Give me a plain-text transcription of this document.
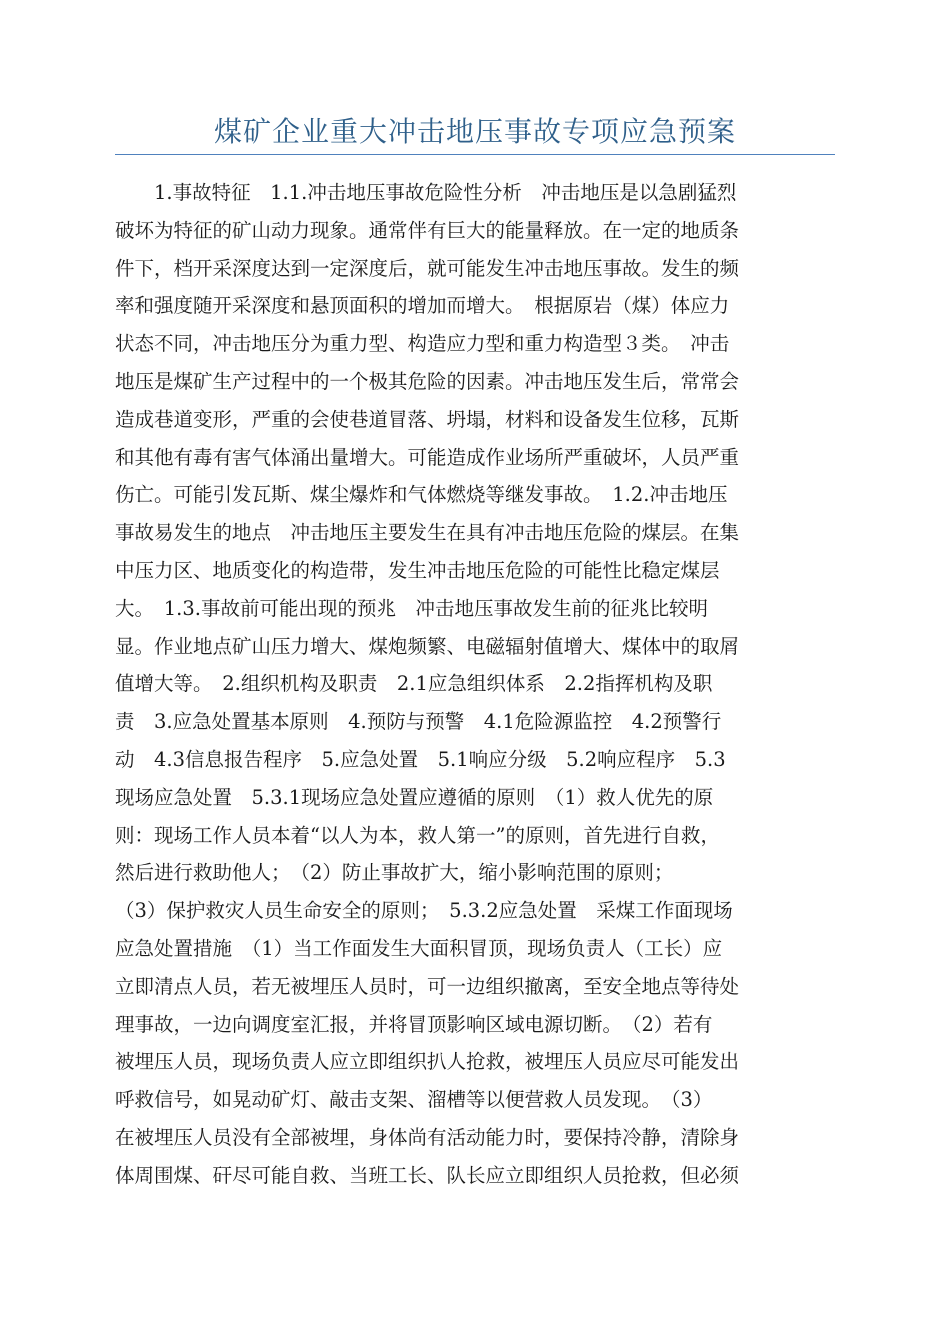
煤矿企业重大冲击地压事故专项应急预案
　　1.事故特征　1.1.冲击地压事故危险性分析　冲击地压是以急剧猛烈
破坏为特征的矿山动力现象。通常伴有巨大的能量释放。在一定的地质条
件下，档开采深度达到一定深度后，就可能发生冲击地压事故。发生的频
率和强度随开采深度和悬顶面积的增加而增大。　根据原岩（煤）体应力
状态不同，冲击地压分为重力型、构造应力型和重力构造型３类。　冲击
地压是煤矿生产过程中的一个极其危险的因素。冲击地压发生后，常常会
造成巷道变形，严重的会使巷道冒落、坍塌，材料和设备发生位移，瓦斯
和其他有毒有害气体涌出量增大。可能造成作业场所严重破坏，人员严重
伤亡。可能引发瓦斯、煤尘爆炸和气体燃烧等继发事故。　1.2.冲击地压
事故易发生的地点　冲击地压主要发生在具有冲击地压危险的煤层。在集
中压力区、地质变化的构造带，发生冲击地压危险的可能性比稳定煤层
大。　1.3.事故前可能出现的预兆　冲击地压事故发生前的征兆比较明
显。作业地点矿山压力增大、煤炮频繁、电磁辐射值增大、煤体中的取屑
值增大等。　2.组织机构及职责　2.1应急组织体系　2.2指挥机构及职
责　3.应急处置基本原则　4.预防与预警　4.1危险源监控　4.2预警行
动　4.3信息报告程序　5.应急处置　5.1响应分级　5.2响应程序　5.3
现场应急处置　5.3.1现场应急处置应遵循的原则　（1）救人优先的原
则：现场工作人员本着“以人为本，救人第一”的原则，首先进行自救，
然后进行救助他人；　（2）防止事故扩大，缩小影响范围的原则；
（3）保护救灾人员生命安全的原则；　5.3.2应急处置　采煤工作面现场
应急处置措施　（1）当工作面发生大面积冒顶，现场负责人（工长）应
立即清点人员，若无被埋压人员时，可一边组织撤离，至安全地点等待处
理事故，一边向调度室汇报，并将冒顶影响区域电源切断。　（2）若有
被埋压人员，现场负责人应立即组织扒人抢救，被埋压人员应尽可能发出
呼救信号，如晃动矿灯、敲击支架、溜槽等以便营救人员发现。　（3）
在被埋压人员没有全部被埋，身体尚有活动能力时，要保持冷静，清除身
体周围煤、矸尽可能自救、当班工长、队长应立即组织人员抢救，但必须
